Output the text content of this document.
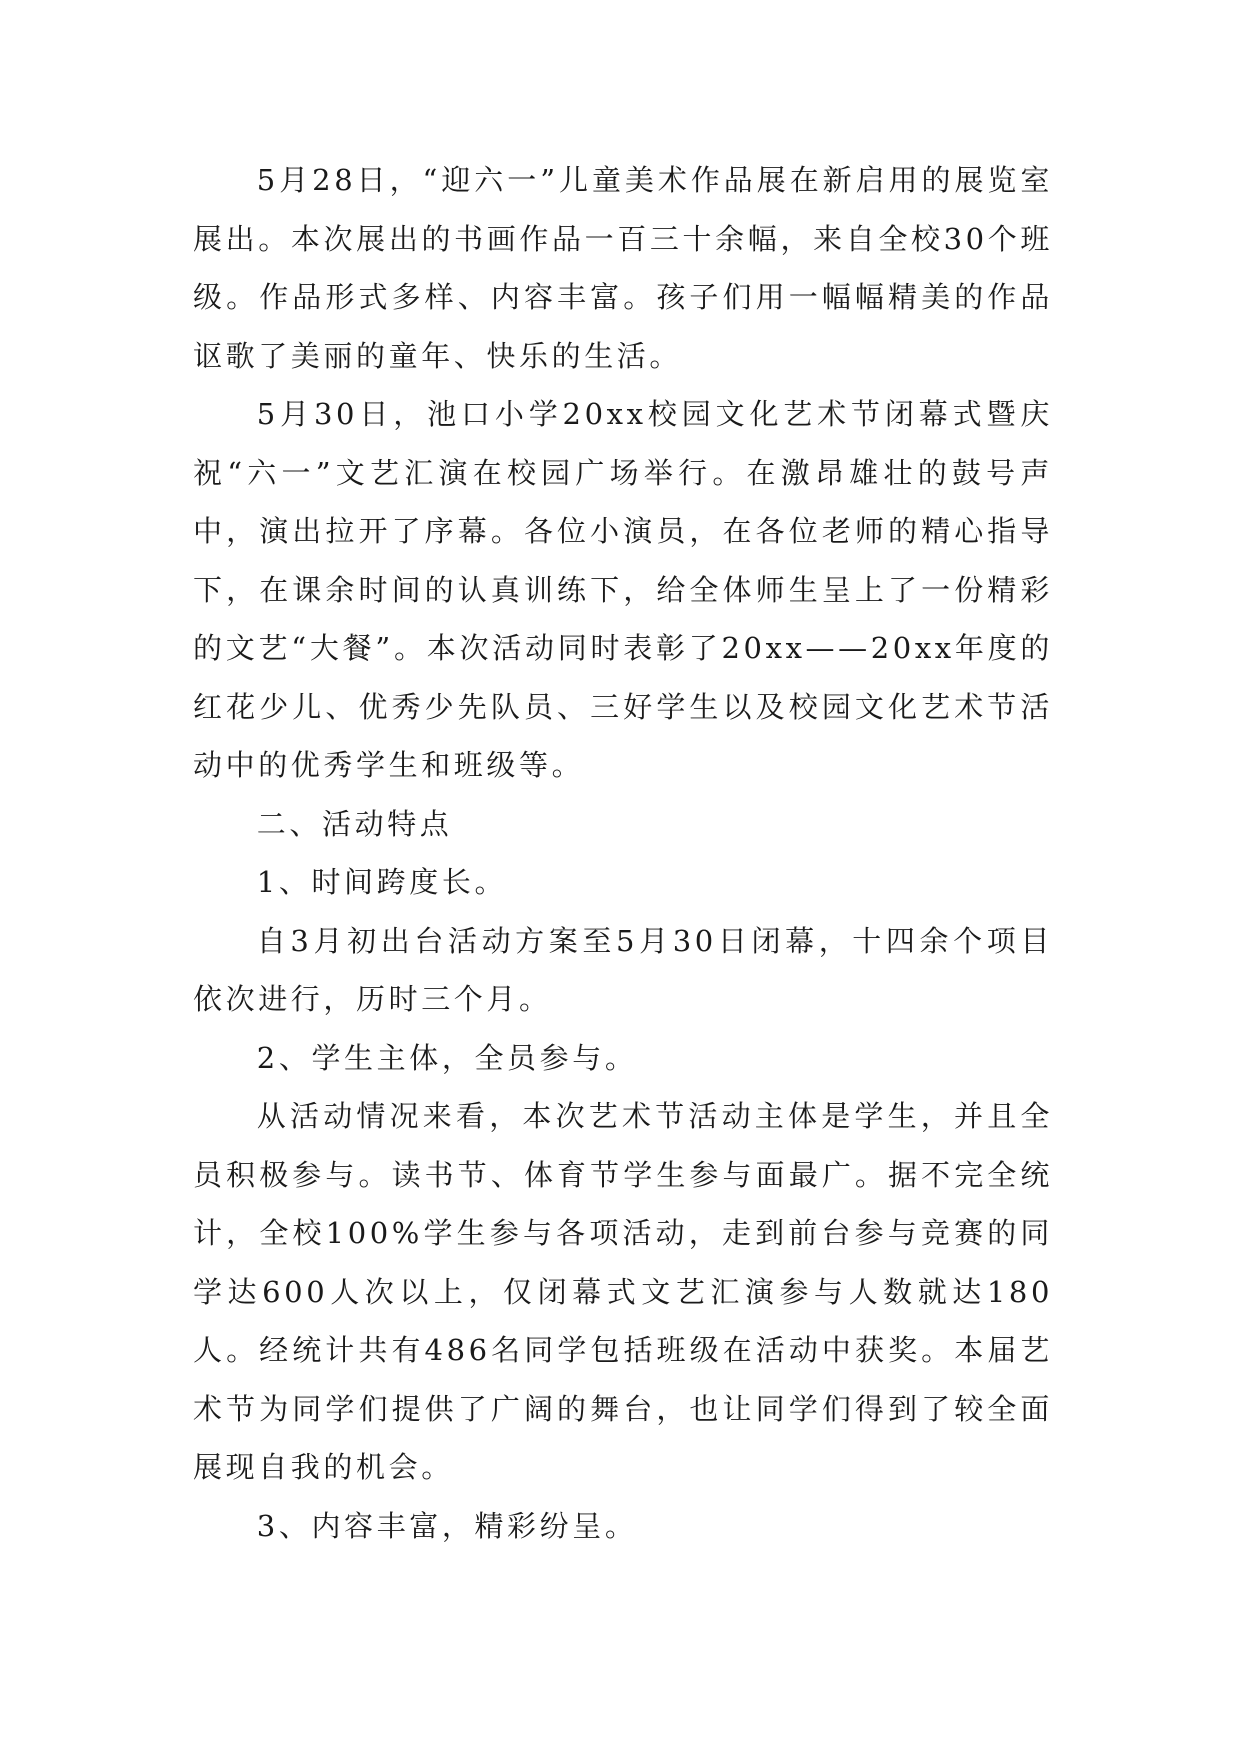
5月28日，“迎六一”儿童美术作品展在新启用的展览室展出。本次展出的书画作品一百三十余幅，来自全校30个班级。作品形式多样、内容丰富。孩子们用一幅幅精美的作品讴歌了美丽的童年、快乐的生活。

5月30日，池口小学20xx校园文化艺术节闭幕式暨庆祝“六一”文艺汇演在校园广场举行。在激昂雄壮的鼓号声中，演出拉开了序幕。各位小演员，在各位老师的精心指导下，在课余时间的认真训练下，给全体师生呈上了一份精彩的文艺“大餐”。本次活动同时表彰了20xx——20xx年度的红花少儿、优秀少先队员、三好学生以及校园文化艺术节活动中的优秀学生和班级等。

二、活动特点

1、时间跨度长。

自3月初出台活动方案至5月30日闭幕，十四余个项目依次进行，历时三个月。

2、学生主体，全员参与。

从活动情况来看，本次艺术节活动主体是学生，并且全员积极参与。读书节、体育节学生参与面最广。据不完全统计，全校100%学生参与各项活动，走到前台参与竞赛的同学达600人次以上，仅闭幕式文艺汇演参与人数就达180人。经统计共有486名同学包括班级在活动中获奖。本届艺术节为同学们提供了广阔的舞台，也让同学们得到了较全面展现自我的机会。

3、内容丰富，精彩纷呈。
